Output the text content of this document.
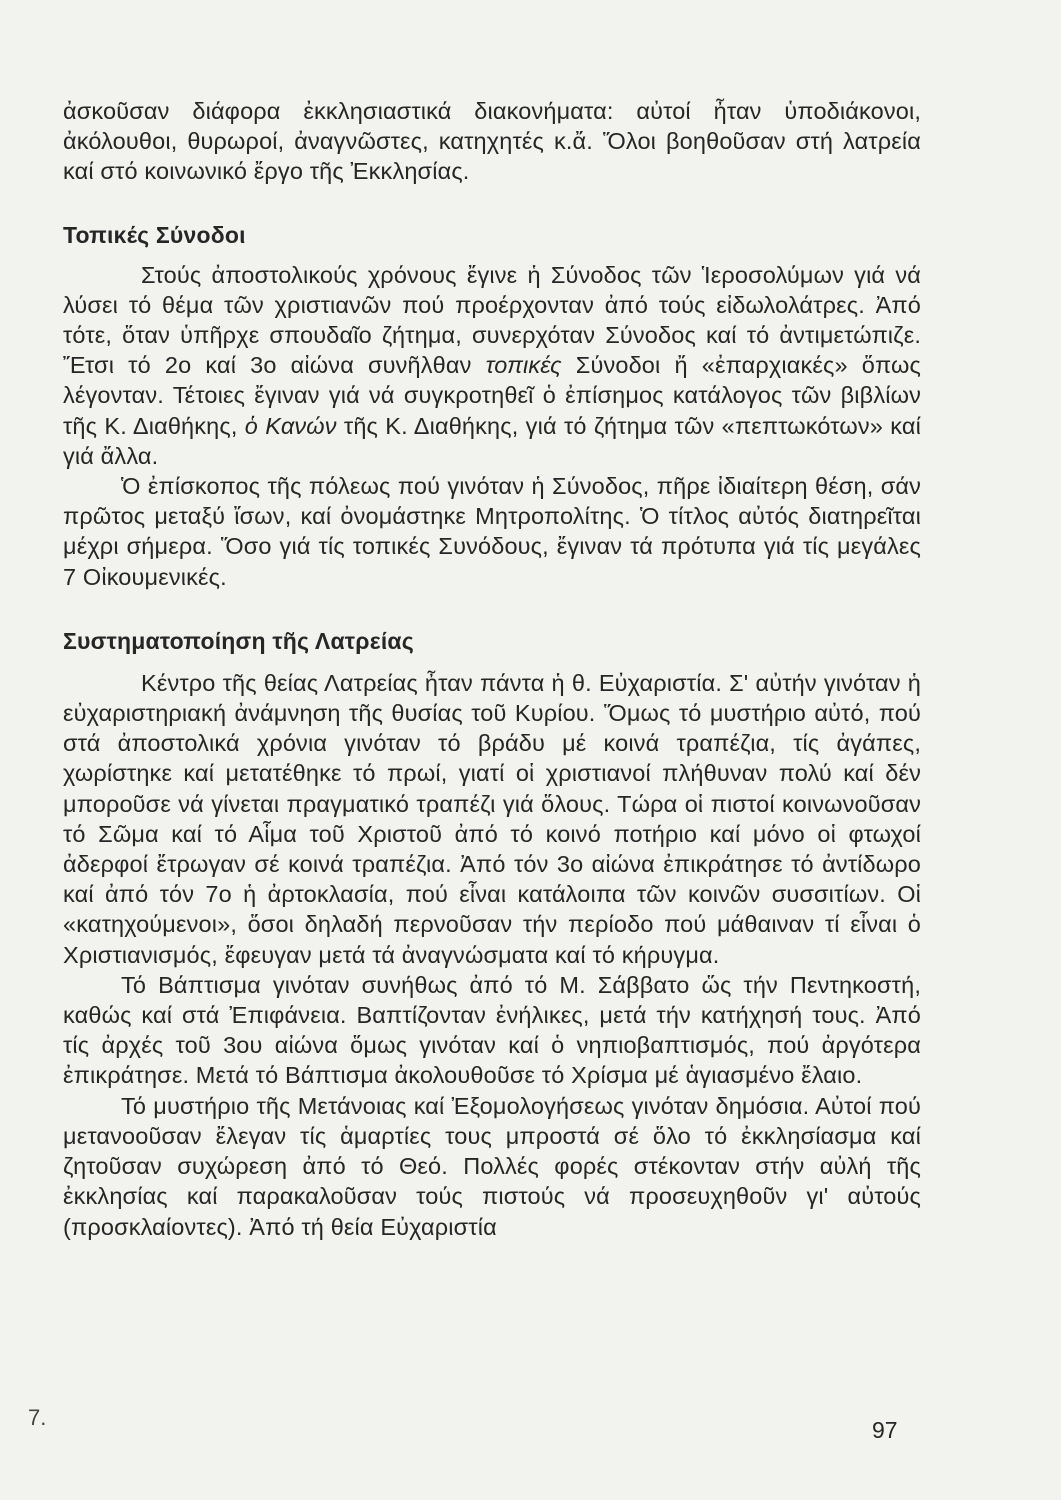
ἀσκοῦσαν διάφορα ἐκκλησιαστικά διακονήματα: αὐτοί ἦταν ὑποδιάκονοι, ἀκόλουθοι, θυρωροί, ἀναγνῶστες, κατηχητές κ.ἄ. Ὅλοι βοηθοῦσαν στή λατρεία καί στό κοινωνικό ἔργο τῆς Ἐκκλησίας.

Τοπικές Σύνοδοι

Στούς ἀποστολικούς χρόνους ἔγινε ἡ Σύνοδος τῶν Ἱεροσολύμων γιά νά λύσει τό θέμα τῶν χριστιανῶν πού προέρχονταν ἀπό τούς εἰδωλολάτρες. Ἀπό τότε, ὅταν ὑπῆρχε σπουδαῖο ζήτημα, συνερχόταν Σύνοδος καί τό ἀντιμετώπιζε. Ἔτσι τό 2ο καί 3ο αἰώνα συνῆλθαν τοπικές Σύνοδοι ἤ «ἐπαρχιακές» ὅπως λέγονταν. Τέτοιες ἔγιναν γιά νά συγκροτηθεῖ ὁ ἐπίσημος κατάλογος τῶν βιβλίων τῆς Κ. Διαθήκης, ὁ Κανών τῆς Κ. Διαθήκης, γιά τό ζήτημα τῶν «πεπτωκότων» καί γιά ἄλλα.

Ὁ ἐπίσκοπος τῆς πόλεως πού γινόταν ἡ Σύνοδος, πῆρε ἰδιαίτερη θέση, σάν πρῶτος μεταξύ ἴσων, καί ὀνομάστηκε Μητροπολίτης. Ὁ τίτλος αὐτός διατηρεῖται μέχρι σήμερα. Ὅσο γιά τίς τοπικές Συνόδους, ἔγιναν τά πρότυπα γιά τίς μεγάλες 7 Οἰκουμενικές.

Συστηματοποίηση τῆς Λατρείας

Κέντρο τῆς θείας Λατρείας ἦταν πάντα ἡ θ. Εὐχαριστία. Σ' αὐτήν γινόταν ἡ εὐχαριστηριακή ἀνάμνηση τῆς θυσίας τοῦ Κυρίου. Ὅμως τό μυστήριο αὐτό, πού στά ἀποστολικά χρόνια γινόταν τό βράδυ μέ κοινά τραπέζια, τίς ἀγάπες, χωρίστηκε καί μετατέθηκε τό πρωί, γιατί οἱ χριστιανοί πλήθυναν πολύ καί δέν μποροῦσε νά γίνεται πραγματικό τραπέζι γιά ὅλους. Τώρα οἱ πιστοί κοινωνοῦσαν τό Σῶμα καί τό Αἷμα τοῦ Χριστοῦ ἀπό τό κοινό ποτήριο καί μόνο οἱ φτωχοί ἀδερφοί ἔτρωγαν σέ κοινά τραπέζια. Ἀπό τόν 3ο αἰώνα ἐπικράτησε τό ἀντίδωρο καί ἀπό τόν 7ο ἡ ἀρτοκλασία, πού εἶναι κατάλοιπα τῶν κοινῶν συσσιτίων. Οἱ «κατηχούμενοι», ὅσοι δηλαδή περνοῦσαν τήν περίοδο πού μάθαιναν τί εἶναι ὁ Χριστιανισμός, ἔφευγαν μετά τά ἀναγνώσματα καί τό κήρυγμα.

Τό Βάπτισμα γινόταν συνήθως ἀπό τό Μ. Σάββατο ὥς τήν Πεντηκοστή, καθώς καί στά Ἐπιφάνεια. Βαπτίζονταν ἐνήλικες, μετά τήν κατήχησή τους. Ἀπό τίς ἀρχές τοῦ 3ου αἰώνα ὅμως γινόταν καί ὁ νηπιοβαπτισμός, πού ἀργότερα ἐπικράτησε. Μετά τό Βάπτισμα ἀκολουθοῦσε τό Χρίσμα μέ ἁγιασμένο ἔλαιο.

Τό μυστήριο τῆς Μετάνοιας καί Ἐξομολογήσεως γινόταν δημόσια. Αὐτοί πού μετανοοῦσαν ἔλεγαν τίς ἁμαρτίες τους μπροστά σέ ὅλο τό ἐκκλησίασμα καί ζητοῦσαν συχώρεση ἀπό τό Θεό. Πολλές φορές στέκονταν στήν αὐλή τῆς ἐκκλησίας καί παρακαλοῦσαν τούς πιστούς νά προσευχηθοῦν γι' αὐτούς (προσκλαίοντες). Ἀπό τή θεία Εὐχαριστία

7.	97
